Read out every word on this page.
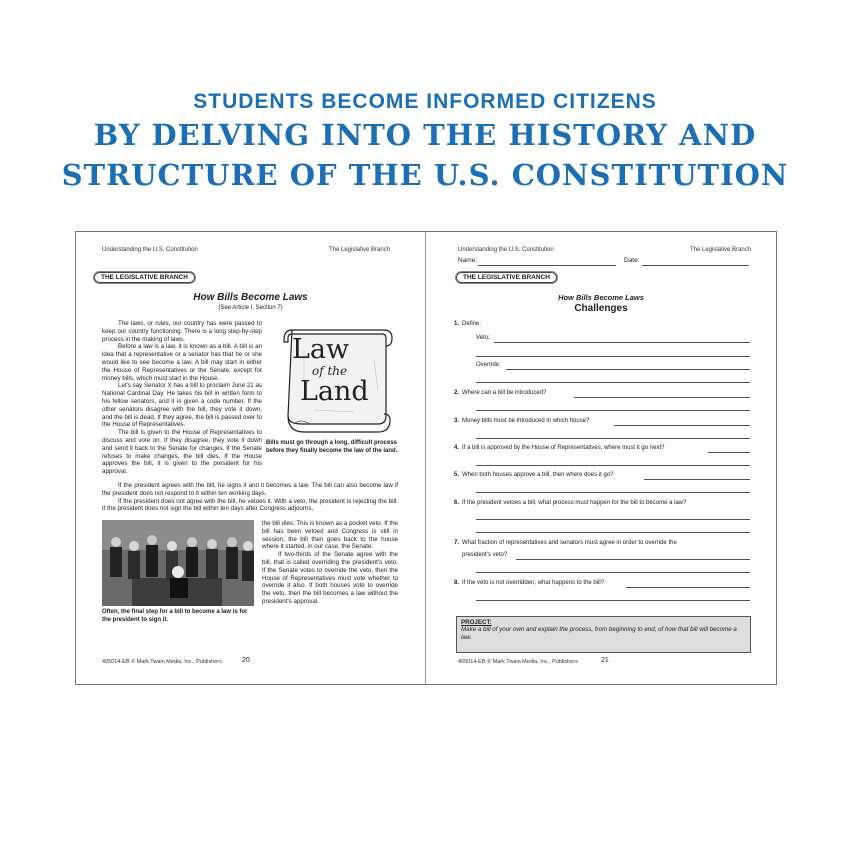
STUDENTS BECOME INFORMED CITIZENS
BY DELVING INTO THE HISTORY AND
STRUCTURE OF THE U.S. CONSTITUTION
Understanding the U.S. Constitution	The Legislative Branch
THE LEGISLATIVE BRANCH
How Bills Become Laws
(See Article I, Section 7)

The laws, or rules, our country has were passed to keep our country functioning. There is a long step-by-step process in the making of laws.

Before a law is a law, it is known as a bill. A bill is an idea that a representative or a senator has that he or she would like to see become a law. A bill may start in either the House of Representatives or the Senate, except for money bills, which must start in the House.

Let's say Senator X has a bill to proclaim June 21 as National Cardinal Day. He takes his bill in written form to his fellow senators, and it is given a code number. If the other senators disagree with the bill, they vote it down, and the bill is dead. If they agree, the bill is passed over to the House of Representatives.

The bill is given to the House of Representatives to discuss and vote on. If they disagree, they vote it down and send it back to the Senate for changes. If the Senate refuses to make changes, the bill dies. If the House approves the bill, it is given to the president for his approval.

Law
of the
Land
Bills must go through a long, difficult process before they finally become the law of the land.

If the president agrees with the bill, he signs it and it becomes a law. The bill can also become law if the president does not respond to it within ten working days.

If the president does not agree with the bill, he vetoes it. With a veto, the president is rejecting the bill. If the president does not sign the bill within ten days after Congress adjourns,

Often, the final step for a bill to become a law is for the president to sign it.

the bill dies. This is known as a pocket veto. If the bill has been vetoed and Congress is still in session, the bill then goes back to the house where it started, in our case, the Senate.

If two-thirds of the Senate agree with the bill, that is called overriding the president's veto. If the Senate votes to override the veto, then the House of Representatives must vote whether to override it also. If both houses vote to override the veto, then the bill becomes a law without the president's approval.

405014-EB © Mark Twain Media, Inc., Publishers	20
Understanding the U.S. Constitution	The Legislative Branch
Name:	Date:
THE LEGISLATIVE BRANCH
How Bills Become Laws
Challenges
1. Define:
Veto:
Override:
2. Where can a bill be introduced?
3. Money bills must be introduced in which house?
4. If a bill is approved by the House of Representatives, where must it go next?
5. When both houses approve a bill, then where does it go?
6. If the president vetoes a bill, what process must happen for the bill to become a law?
7. What fraction of representatives and senators must agree in order to override the
president's veto?
8. If the veto is not overridden, what happens to the bill?
PROJECT:
Make a bill of your own and explain the process, from beginning to end, of how that bill will become a law.
405014-EB © Mark Twain Media, Inc., Publishers	21
